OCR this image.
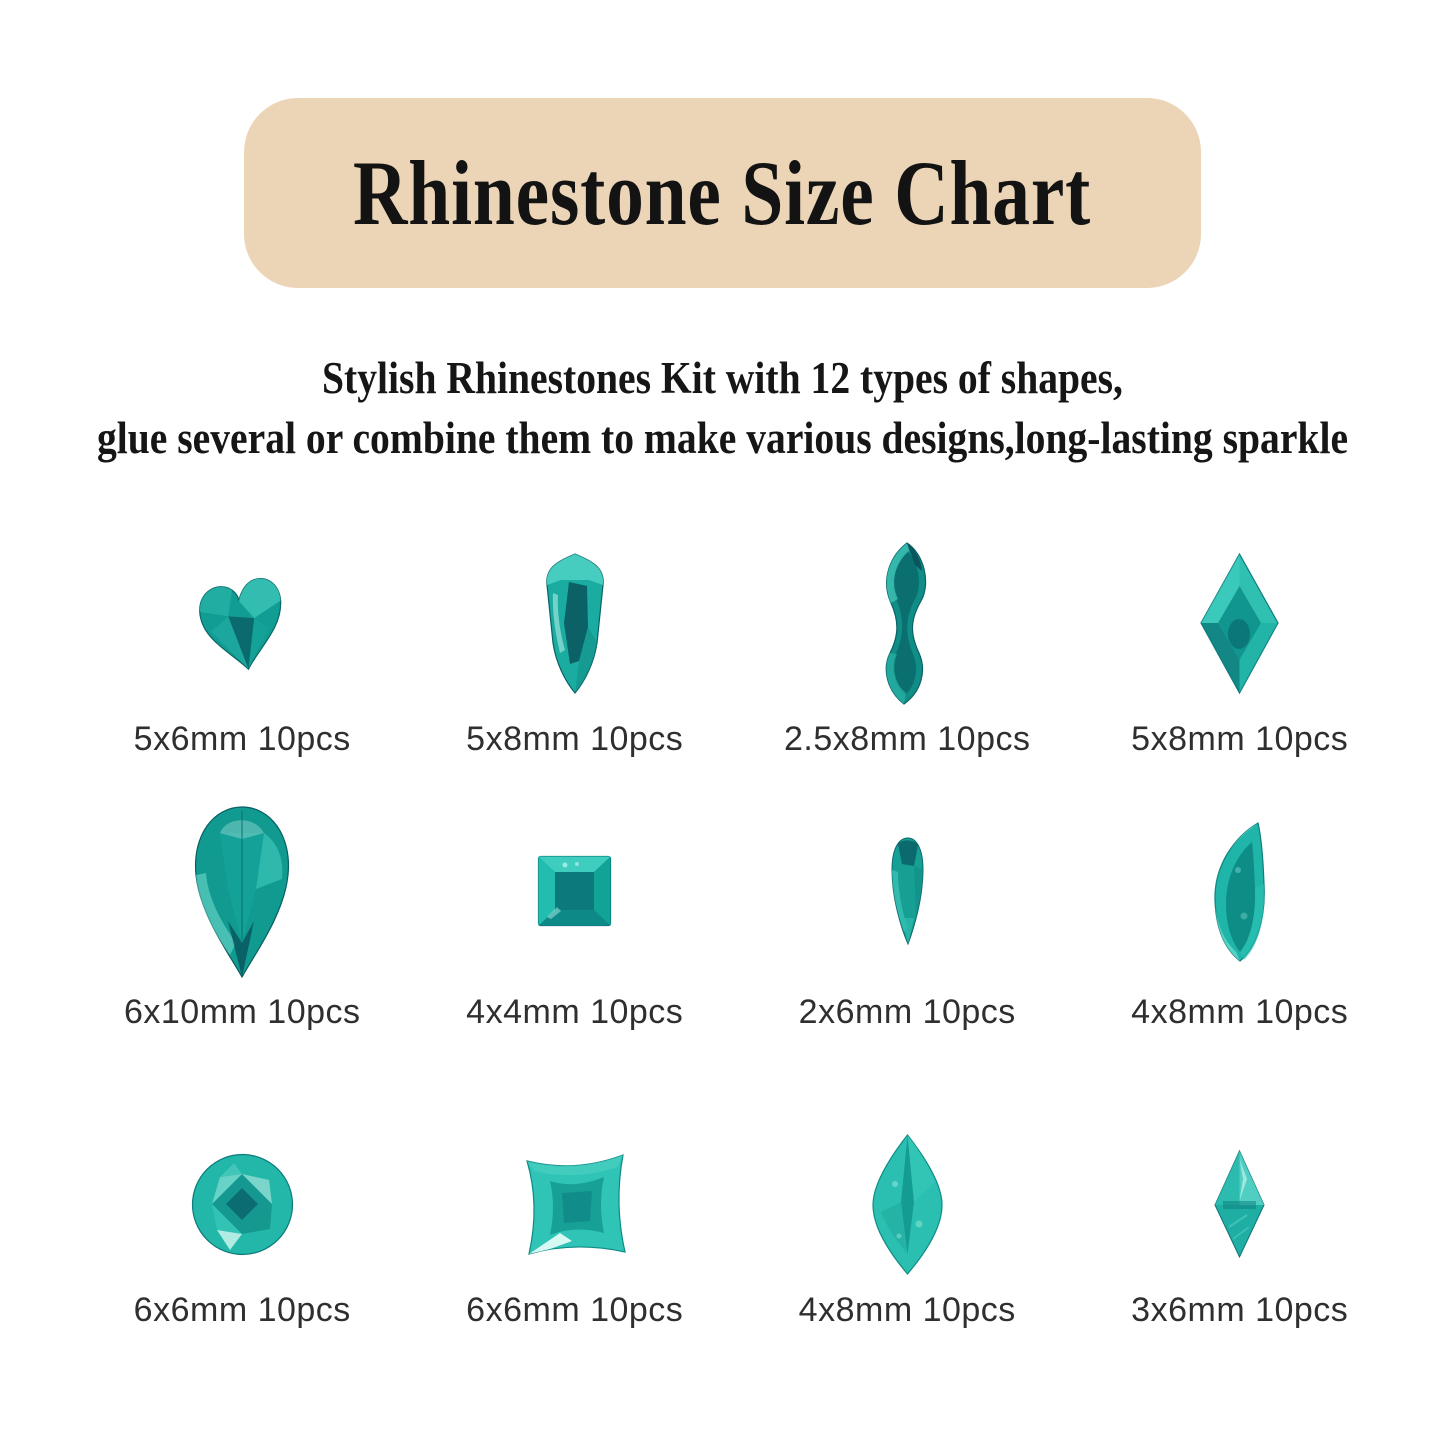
Rhinestone Size Chart
Stylish Rhinestones Kit with 12 types of shapes,
glue several or combine them to make various designs,long-lasting sparkle
5x6mm 10pcs	5x8mm 10pcs	2.5x8mm 10pcs	5x8mm 10pcs
6x10mm 10pcs	4x4mm 10pcs	2x6mm 10pcs	4x8mm 10pcs
6x6mm 10pcs	6x6mm 10pcs	4x8mm 10pcs	3x6mm 10pcs
